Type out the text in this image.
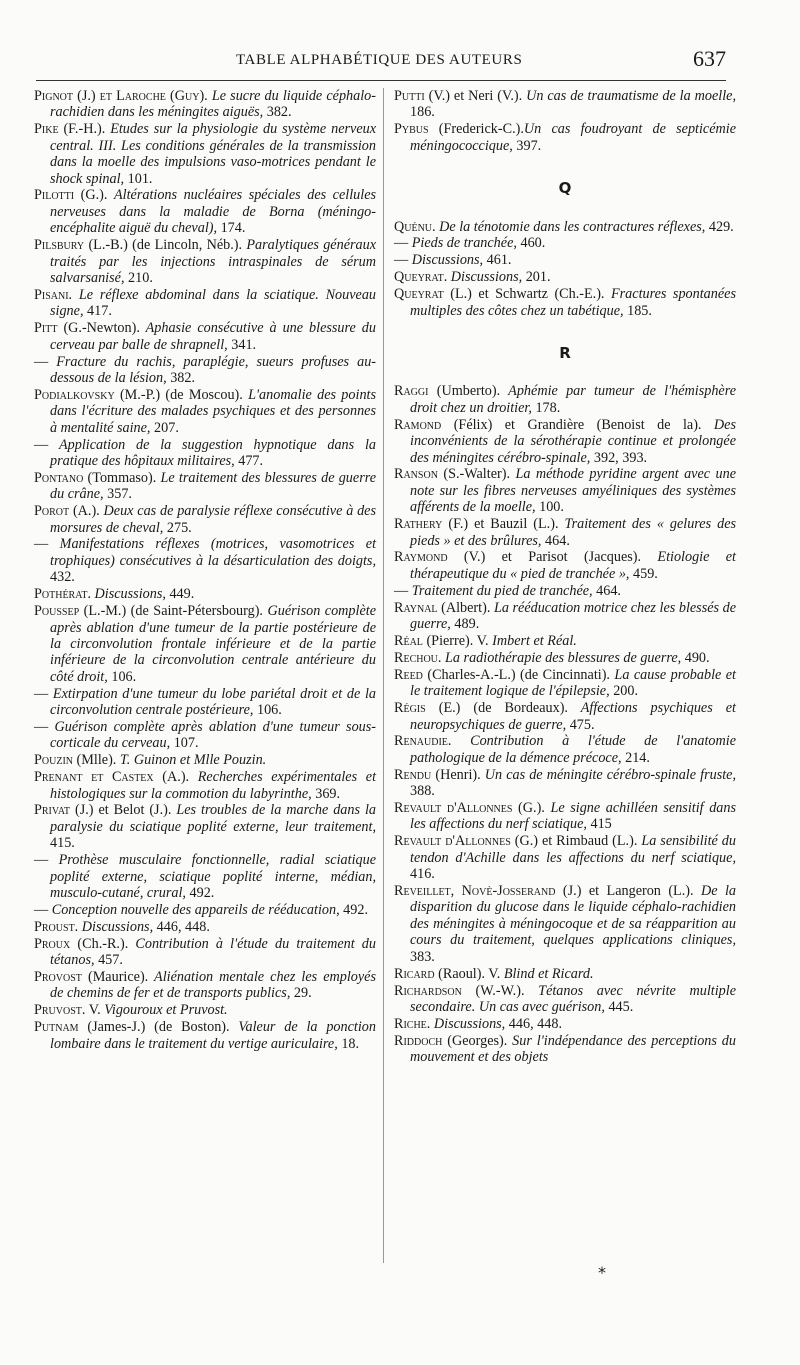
TABLE ALPHABÉTIQUE DES AUTEURS	637

Pignot (J.) et Laroche (Guy). Le sucre du liquide céphalo-rachidien dans les méningites aiguës, 382.

Pike (F.-H.). Etudes sur la physiologie du système nerveux central. III. Les conditions générales de la transmission dans la moelle des impulsions vaso-motrices pendant le shock spinal, 101.

Pilotti (G.). Altérations nucléaires spéciales des cellules nerveuses dans la maladie de Borna (méningo-encéphalite aiguë du cheval), 174.

Pilsbury (L.-B.) (de Lincoln, Néb.). Paralytiques généraux traités par les injections intraspinales de sérum salvarsanisé, 210.

Pisani. Le réflexe abdominal dans la sciatique. Nouveau signe, 417.

Pitt (G.-Newton). Aphasie consécutive à une blessure du cerveau par balle de shrapnell, 341.

— Fracture du rachis, paraplégie, sueurs profuses au-dessous de la lésion, 382.

Podialkovsky (M.-P.) (de Moscou). L'anomalie des points dans l'écriture des malades psychiques et des personnes à mentalité saine, 207.

— Application de la suggestion hypnotique dans la pratique des hôpitaux militaires, 477.

Pontano (Tommaso). Le traitement des blessures de guerre du crâne, 357.

Porot (A.). Deux cas de paralysie réflexe consécutive à des morsures de cheval, 275.

— Manifestations réflexes (motrices, vasomotrices et trophiques) consécutives à la désarticulation des doigts, 432.

Pothérat. Discussions, 449.

Poussep (L.-M.) (de Saint-Pétersbourg). Guérison complète après ablation d'une tumeur de la partie postérieure de la circonvolution frontale inférieure et de la partie inférieure de la circonvolution centrale antérieure du côté droit, 106.

— Extirpation d'une tumeur du lobe pariétal droit et de la circonvolution centrale postérieure, 106.

— Guérison complète après ablation d'une tumeur sous-corticale du cerveau, 107.

Pouzin (Mlle). T. Guinon et Mlle Pouzin.

Prenant et Castex (A.). Recherches expérimentales et histologiques sur la commotion du labyrinthe, 369.

Privat (J.) et Belot (J.). Les troubles de la marche dans la paralysie du sciatique poplité externe, leur traitement, 415.

— Prothèse musculaire fonctionnelle, radial sciatique poplité externe, sciatique poplité interne, médian, musculo-cutané, crural, 492.

— Conception nouvelle des appareils de rééducation, 492.

Proust. Discussions, 446, 448.

Proux (Ch.-R.). Contribution à l'étude du traitement du tétanos, 457.

Provost (Maurice). Aliénation mentale chez les employés de chemins de fer et de transports publics, 29.

Pruvost. V. Vigouroux et Pruvost.

Putnam (James-J.) (de Boston). Valeur de la ponction lombaire dans le traitement du vertige auriculaire, 18.

Putti (V.) et Neri (V.). Un cas de traumatisme de la moelle, 186.

Pybus (Frederick-C.).Un cas foudroyant de septicémie méningococcique, 397.

Q

Quénu. De la ténotomie dans les contractures réflexes, 429.

— Pieds de tranchée, 460.

— Discussions, 461.

Queyrat. Discussions, 201.

Queyrat (L.) et Schwartz (Ch.-E.). Fractures spontanées multiples des côtes chez un tabétique, 185.

R

Raggi (Umberto). Aphémie par tumeur de l'hémisphère droit chez un droitier, 178.

Ramond (Félix) et Grandière (Benoist de la). Des inconvénients de la sérothérapie continue et prolongée des méningites cérébro-spinale, 392, 393.

Ranson (S.-Walter). La méthode pyridine argent avec une note sur les fibres nerveuses amyéliniques des systèmes afférents de la moelle, 100.

Rathery (F.) et Bauzil (L.). Traitement des « gelures des pieds » et des brûlures, 464.

Raymond (V.) et Parisot (Jacques). Etiologie et thérapeutique du « pied de tranchée », 459.

— Traitement du pied de tranchée, 464.

Raynal (Albert). La rééducation motrice chez les blessés de guerre, 489.

Réal (Pierre). V. Imbert et Réal.

Rechou. La radiothérapie des blessures de guerre, 490.

Reed (Charles-A.-L.) (de Cincinnati). La cause probable et le traitement logique de l'épilepsie, 200.

Régis (E.) (de Bordeaux). Affections psychiques et neuropsychiques de guerre, 475.

Renaudie. Contribution à l'étude de l'anatomie pathologique de la démence précoce, 214.

Rendu (Henri). Un cas de méningite cérébro-spinale fruste, 388.

Revault d'Allonnes (G.). Le signe achilléen sensitif dans les affections du nerf sciatique, 415

Revault d'Allonnes (G.) et Rimbaud (L.). La sensibilité du tendon d'Achille dans les affections du nerf sciatique, 416.

Reveillet, Novè-Josserand (J.) et Langeron (L.). De la disparition du glucose dans le liquide céphalo-rachidien des méningites à méningocoque et de sa réapparition au cours du traitement, quelques applications cliniques, 383.

Ricard (Raoul). V. Blind et Ricard.

Richardson (W.-W.). Tétanos avec névrite multiple secondaire. Un cas avec guérison, 445.

Riche. Discussions, 446, 448.

Riddoch (Georges). Sur l'indépendance des perceptions du mouvement et des objets

*
